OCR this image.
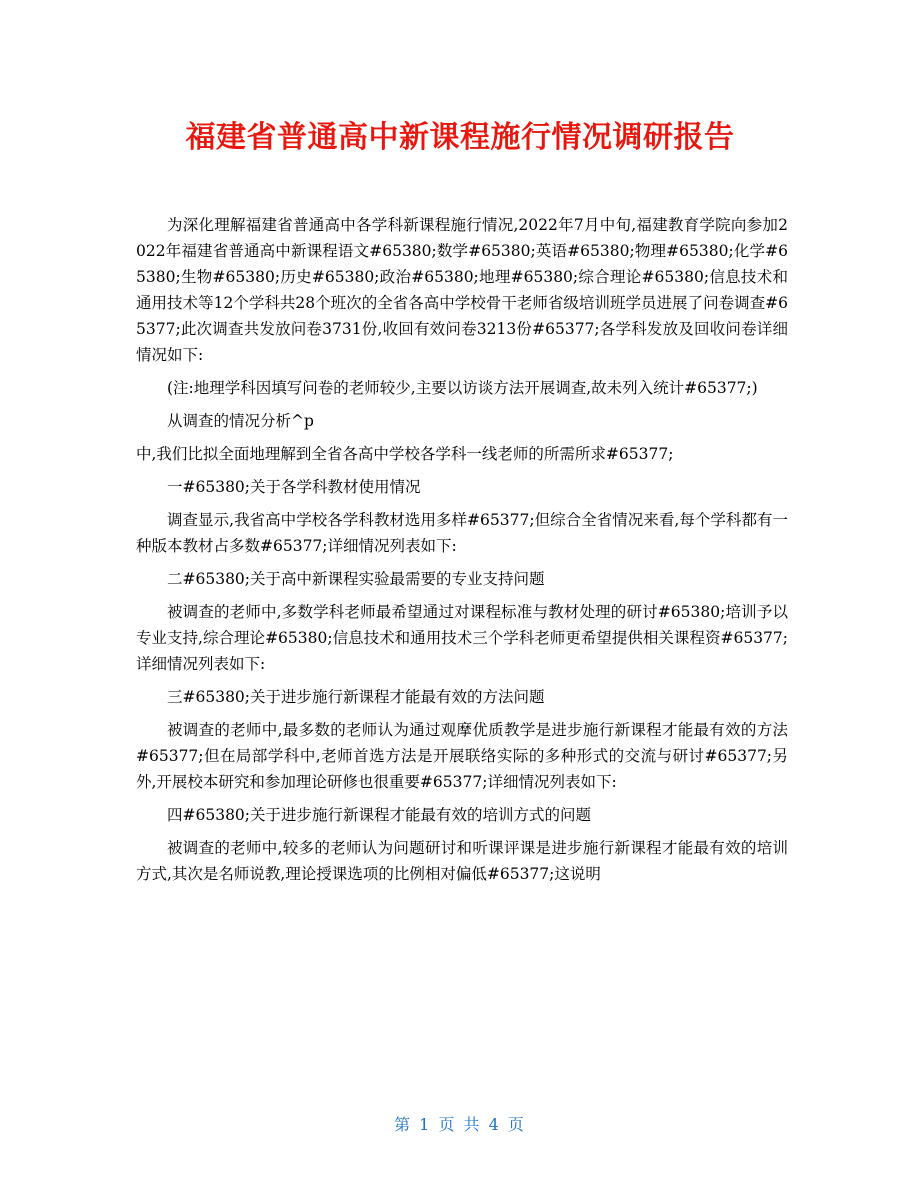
福建省普通高中新课程施行情况调研报告

为深化理解福建省普通高中各学科新课程施行情况,2022年7月中旬,福建教育学院向参加2022年福建省普通高中新课程语文#65380;数学#65380;英语#65380;物理#65380;化学#65380;生物#65380;历史#65380;政治#65380;地理#65380;综合理论#65380;信息技术和通用技术等12个学科共28个班次的全省各高中学校骨干老师省级培训班学员进展了问卷调查#65377;此次调查共发放问卷3731份,收回有效问卷3213份#65377;各学科发放及回收问卷详细情况如下:

(注:地理学科因填写问卷的老师较少,主要以访谈方法开展调查,故未列入统计#65377;)

从调查的情况分析^p

中,我们比拟全面地理解到全省各高中学校各学科一线老师的所需所求#65377;

一#65380;关于各学科教材使用情况

调查显示,我省高中学校各学科教材选用多样#65377;但综合全省情况来看,每个学科都有一种版本教材占多数#65377;详细情况列表如下:

二#65380;关于高中新课程实验最需要的专业支持问题

被调查的老师中,多数学科老师最希望通过对课程标准与教材处理的研讨#65380;培训予以专业支持,综合理论#65380;信息技术和通用技术三个学科老师更希望提供相关课程资#65377;详细情况列表如下:

三#65380;关于进步施行新课程才能最有效的方法问题

被调查的老师中,最多数的老师认为通过观摩优质教学是进步施行新课程才能最有效的方法#65377;但在局部学科中,老师首选方法是开展联络实际的多种形式的交流与研讨#65377;另外,开展校本研究和参加理论研修也很重要#65377;详细情况列表如下:

四#65380;关于进步施行新课程才能最有效的培训方式的问题

被调查的老师中,较多的老师认为问题研讨和听课评课是进步施行新课程才能最有效的培训方式,其次是名师说教,理论授课选项的比例相对偏低#65377;这说明

第 1 页 共 4 页
